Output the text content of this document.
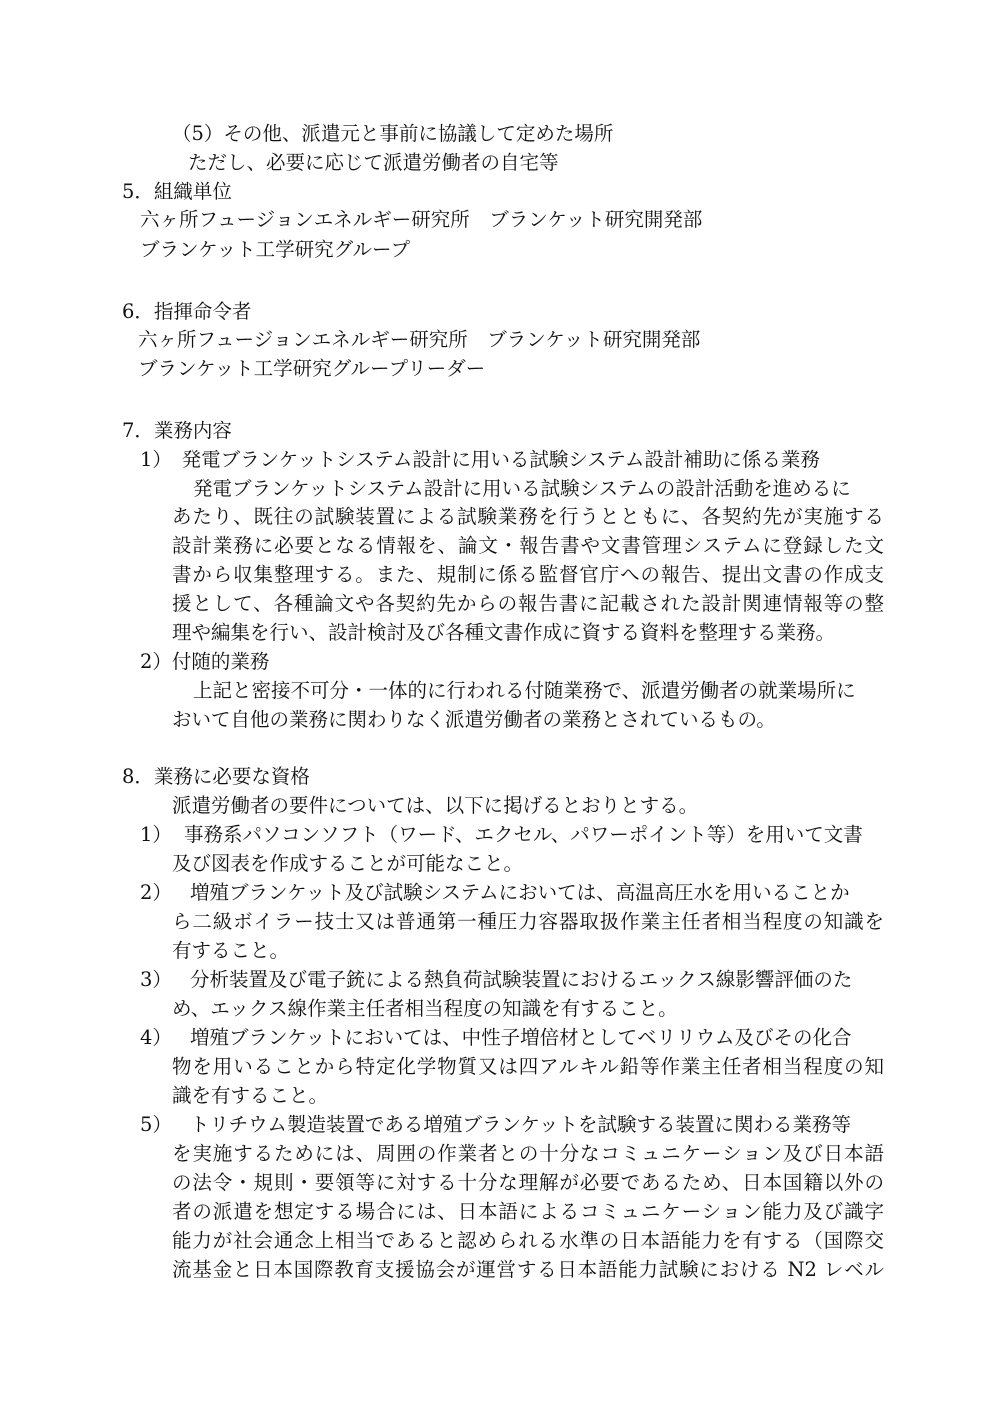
（5）その他、派遣元と事前に協議して定めた場所
ただし、必要に応じて派遣労働者の自宅等
5．組織単位
六ヶ所フュージョンエネルギー研究所　ブランケット研究開発部
ブランケット工学研究グループ
6．指揮命令者
六ヶ所フュージョンエネルギー研究所　ブランケット研究開発部
ブランケット工学研究グループリーダー
7．業務内容
1）　発電ブランケットシステム設計に用いる試験システム設計補助に係る業務
発電ブランケットシステム設計に用いる試験システムの設計活動を進めるに
あたり、既往の試験装置による試験業務を行うとともに、各契約先が実施する
設計業務に必要となる情報を、論文・報告書や文書管理システムに登録した文
書から収集整理する。また、規制に係る監督官庁への報告、提出文書の作成支
援として、各種論文や各契約先からの報告書に記載された設計関連情報等の整
理や編集を行い、設計検討及び各種文書作成に資する資料を整理する業務。
2）付随的業務
上記と密接不可分・一体的に行われる付随業務で、派遣労働者の就業場所に
おいて自他の業務に関わりなく派遣労働者の業務とされているもの。
8．業務に必要な資格
派遣労働者の要件については、以下に掲げるとおりとする。
1） 事務系パソコンソフト（ワード、エクセル、パワーポイント等）を用いて文書
及び図表を作成することが可能なこと。
2） 増殖ブランケット及び試験システムにおいては、高温高圧水を用いることか
ら二級ボイラー技士又は普通第一種圧力容器取扱作業主任者相当程度の知識を
有すること。
3） 分析装置及び電子銃による熱負荷試験装置におけるエックス線影響評価のた
め、エックス線作業主任者相当程度の知識を有すること。
4） 増殖ブランケットにおいては、中性子増倍材としてベリリウム及びその化合
物を用いることから特定化学物質又は四アルキル鉛等作業主任者相当程度の知
識を有すること。
5） トリチウム製造装置である増殖ブランケットを試験する装置に関わる業務等
を実施するためには、周囲の作業者との十分なコミュニケーション及び日本語
の法令・規則・要領等に対する十分な理解が必要であるため、日本国籍以外の
者の派遣を想定する場合には、日本語によるコミュニケーション能力及び識字
能力が社会通念上相当であると認められる水準の日本語能力を有する（国際交
流基金と日本国際教育支援協会が運営する日本語能力試験における N2 レベル
